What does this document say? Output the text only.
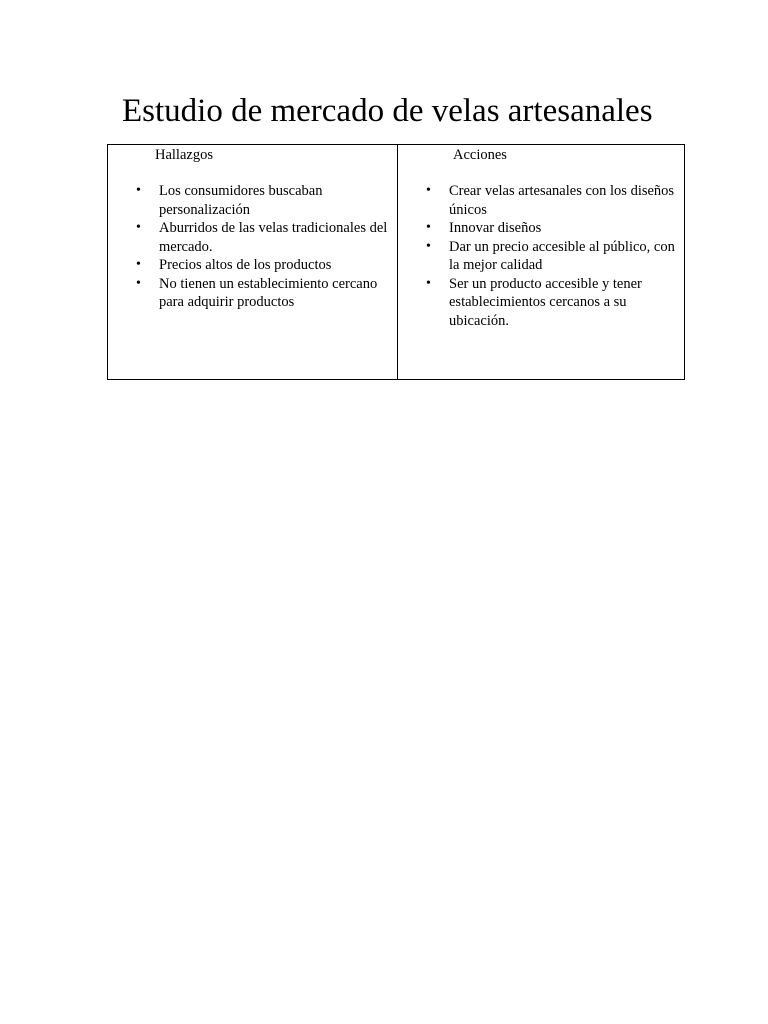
Estudio de mercado de velas artesanales
Hallazgos
• Los consumidores buscaban personalización
• Aburridos de las velas tradicionales del mercado.
• Precios altos de los productos
• No tienen un establecimiento cercano para adquirir productos
Acciones
• Crear velas artesanales con los diseños únicos
• Innovar diseños
• Dar un precio accesible al público, con la mejor calidad
• Ser un producto accesible y tener establecimientos cercanos a su ubicación.
